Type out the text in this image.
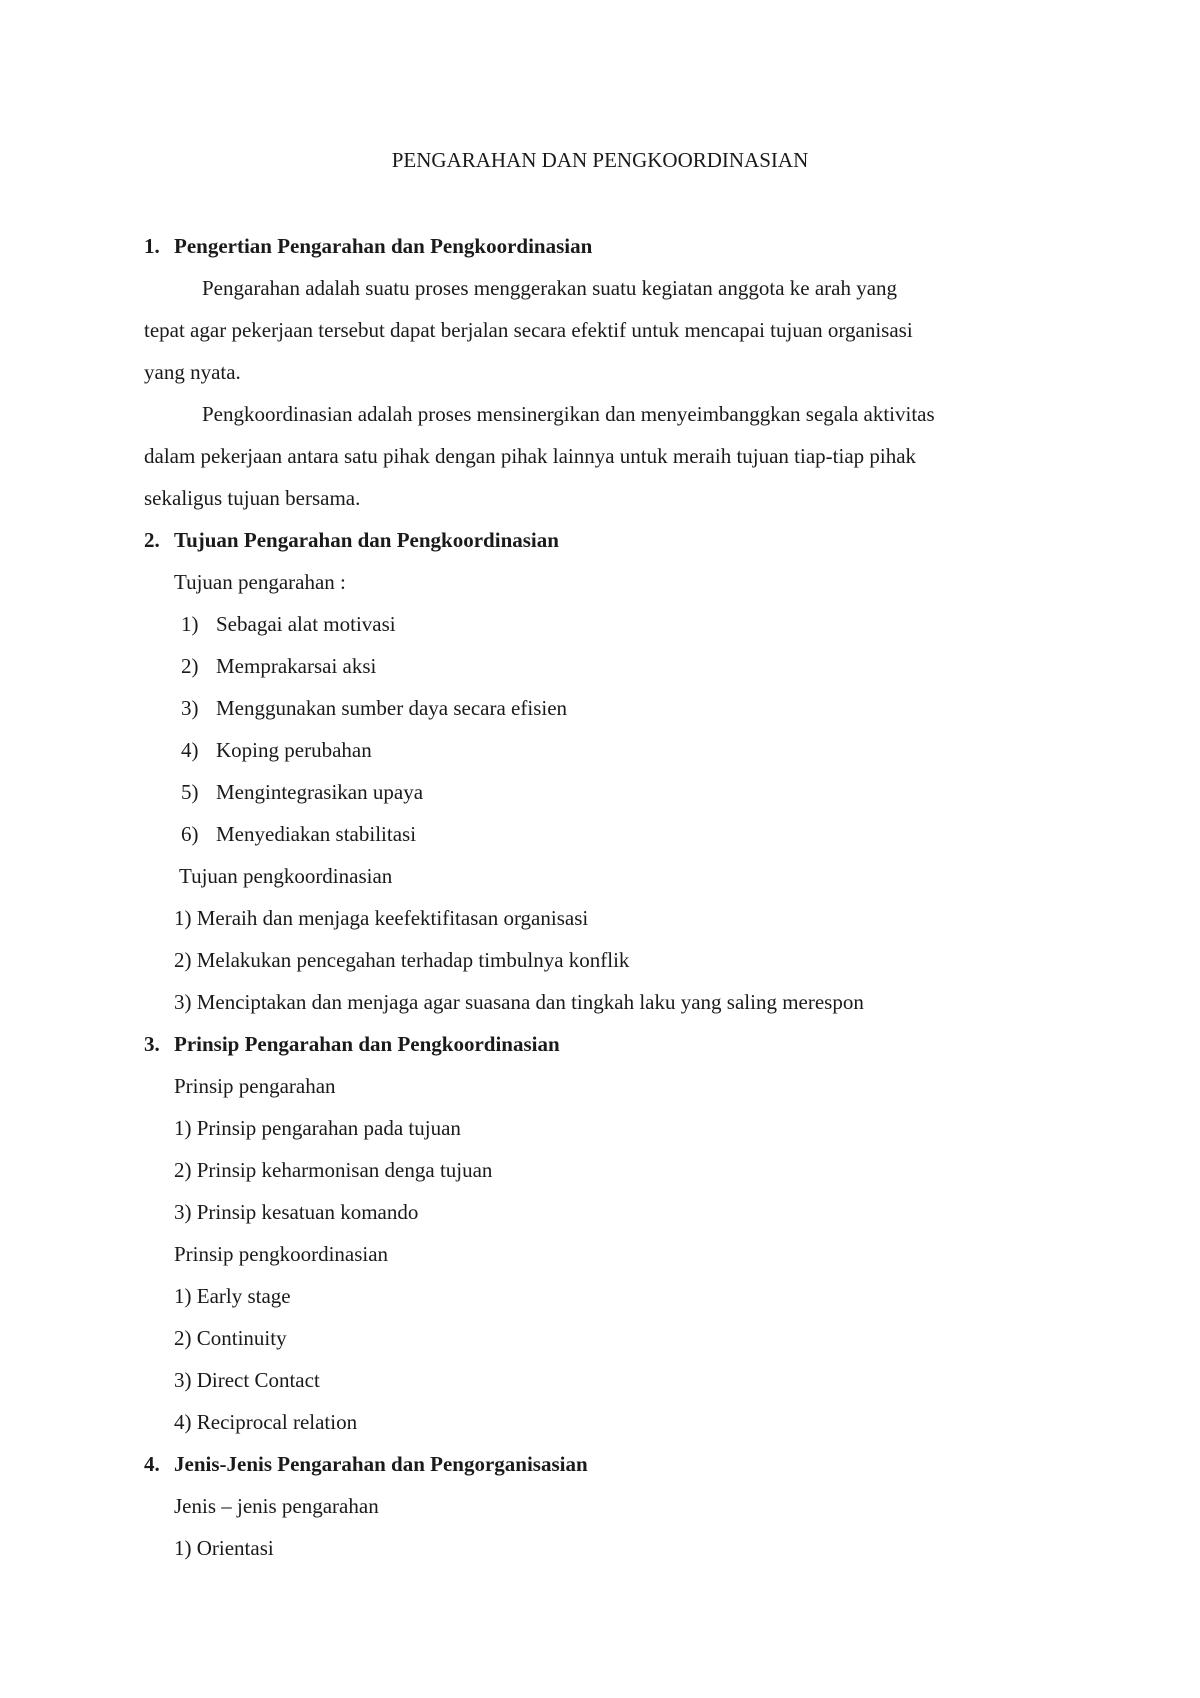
PENGARAHAN DAN PENGKOORDINASIAN
1. Pengertian Pengarahan dan Pengkoordinasian
Pengarahan adalah suatu proses menggerakan suatu kegiatan anggota ke arah yang
tepat agar pekerjaan tersebut dapat berjalan secara efektif untuk mencapai tujuan organisasi
yang nyata.
Pengkoordinasian adalah proses mensinergikan dan menyeimbanggkan segala aktivitas
dalam pekerjaan antara satu pihak dengan pihak lainnya untuk meraih tujuan tiap-tiap pihak
sekaligus tujuan bersama.
2. Tujuan Pengarahan dan Pengkoordinasian
Tujuan pengarahan :
1) Sebagai alat motivasi
2) Memprakarsai aksi
3) Menggunakan sumber daya secara efisien
4) Koping perubahan
5) Mengintegrasikan upaya
6) Menyediakan stabilitasi
Tujuan pengkoordinasian
1) Meraih dan menjaga keefektifitasan organisasi
2) Melakukan pencegahan terhadap timbulnya konflik
3) Menciptakan dan menjaga agar suasana dan tingkah laku yang saling merespon
3. Prinsip Pengarahan dan Pengkoordinasian
Prinsip pengarahan
1) Prinsip pengarahan pada tujuan
2) Prinsip keharmonisan denga tujuan
3) Prinsip kesatuan komando
Prinsip pengkoordinasian
1) Early stage
2) Continuity
3) Direct Contact
4) Reciprocal relation
4. Jenis-Jenis Pengarahan dan Pengorganisasian
Jenis – jenis pengarahan
1) Orientasi
